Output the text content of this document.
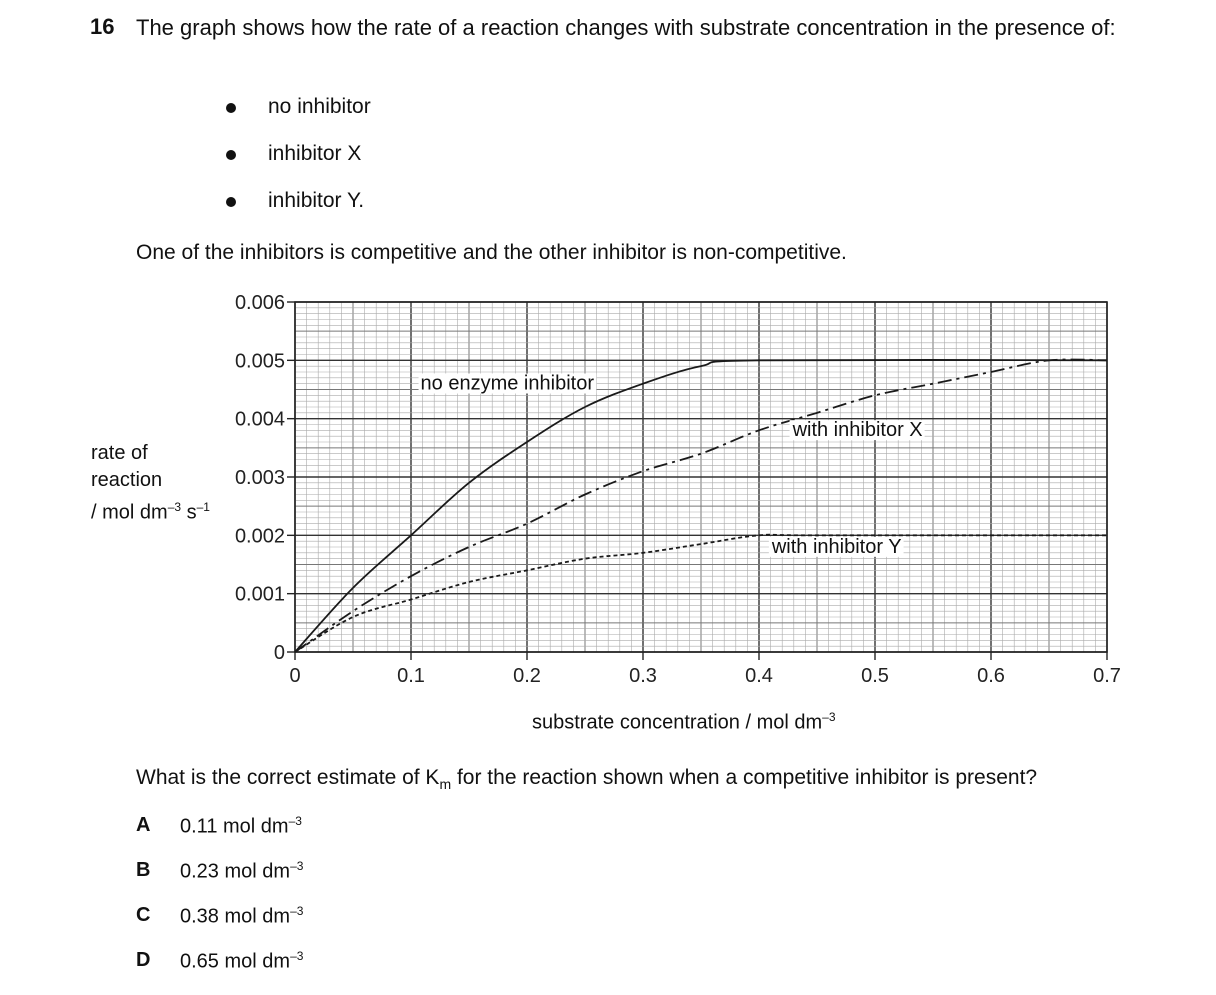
16 The graph shows how the rate of a reaction changes with substrate concentration in the presence of:
no inhibitor
inhibitor X
inhibitor Y.
One of the inhibitors is competitive and the other inhibitor is non-competitive.
rate of
reaction
/ mol $dm^{-3}$ $s^{-1}$
0
0.001
0.002
0.003
0.004
0.005
0.006
0	0.1	0.2	0.3	0.4	0.5	0.6	0.7
no enzyme inhibitor
with inhibitor X
with inhibitor Y
substrate concentration / mol $dm^{-3}$
What is the correct estimate of $K_m$ for the reaction shown when a competitive inhibitor is present?
A 0.11 mol $dm^{-3}$
B 0.23 mol $dm^{-3}$
C 0.38 mol $dm^{-3}$
D 0.65 mol $dm^{-3}$
